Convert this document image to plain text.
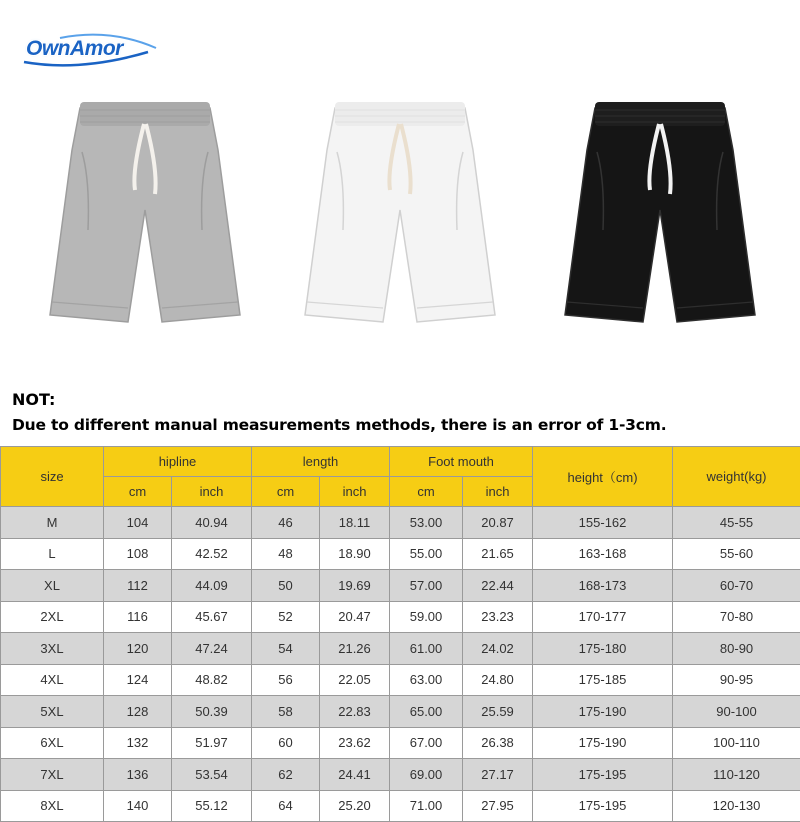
OwnAmor
NOT:
Due to different manual measurements methods, there is an error of 1-3cm.
size	hipline		length		Foot mouth		height（cm)	weight(kg)
	cm	inch	cm	inch	cm	inch		
M	104	40.94	46	18.11	53.00	20.87	155-162	45-55
L	108	42.52	48	18.90	55.00	21.65	163-168	55-60
XL	112	44.09	50	19.69	57.00	22.44	168-173	60-70
2XL	116	45.67	52	20.47	59.00	23.23	170-177	70-80
3XL	120	47.24	54	21.26	61.00	24.02	175-180	80-90
4XL	124	48.82	56	22.05	63.00	24.80	175-185	90-95
5XL	128	50.39	58	22.83	65.00	25.59	175-190	90-100
6XL	132	51.97	60	23.62	67.00	26.38	175-190	100-110
7XL	136	53.54	62	24.41	69.00	27.17	175-195	110-120
8XL	140	55.12	64	25.20	71.00	27.95	175-195	120-130
